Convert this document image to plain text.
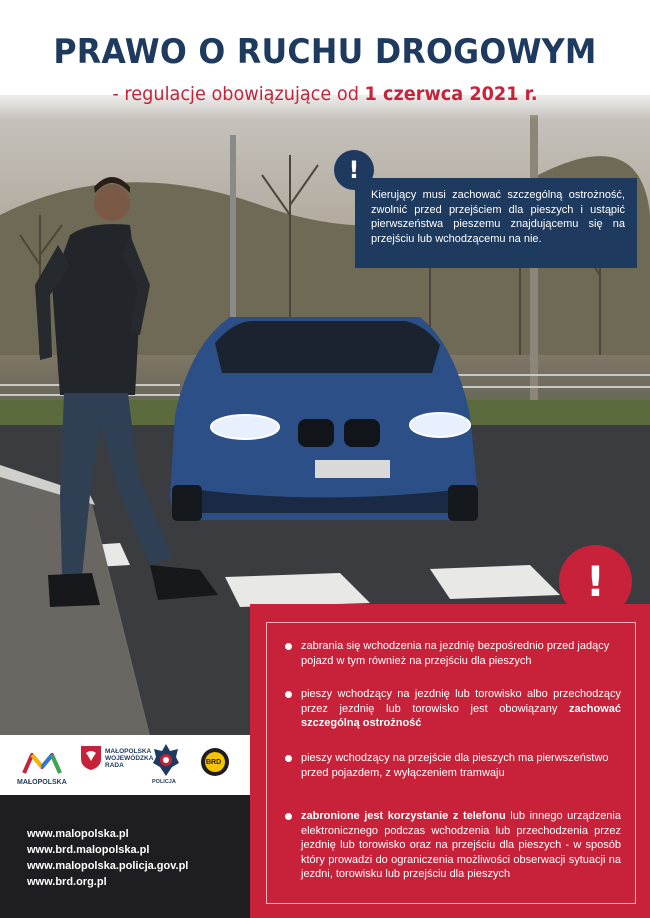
PRAWO O RUCHU DROGOWYM
- regulacje obowiązujące od 1 czerwca 2021 r.
!

Kierujący musi zachować szczególną ostrożność, zwolnić przed przejściem dla pieszych i ustąpić pierwszeństwa pieszemu znajdującemu się na przejściu lub wchodzącemu na nie.

!

zabrania się wchodzenia na jezdnię bezpośrednio przed jadący pojazd w tym również na przejściu dla pieszych

pieszy wchodzący na jezdnię lub torowisko albo przechodzący przez jezdnię lub torowisko jest obowiązany zachować szczególną ostrożność

pieszy wchodzący na przejście dla pieszych ma pierwszeństwo przed pojazdem, z wyłączeniem tramwaju

zabronione jest korzystanie z telefonu lub innego urządzenia elektronicznego podczas wchodzenia lub przechodzenia przez jezdnię lub torowisko oraz na przejściu dla pieszych - w sposób który prowadzi do ograniczenia możliwości obserwacji sytuacji na jezdni, torowisku lub przejściu dla pieszych

MAŁOPOLSKA
MAŁOPOLSKA
WOJEWÓDZKA
RADA
POLICJA
BRD
www.malopolska.pl
www.brd.malopolska.pl
www.malopolska.policja.gov.pl
www.brd.org.pl
